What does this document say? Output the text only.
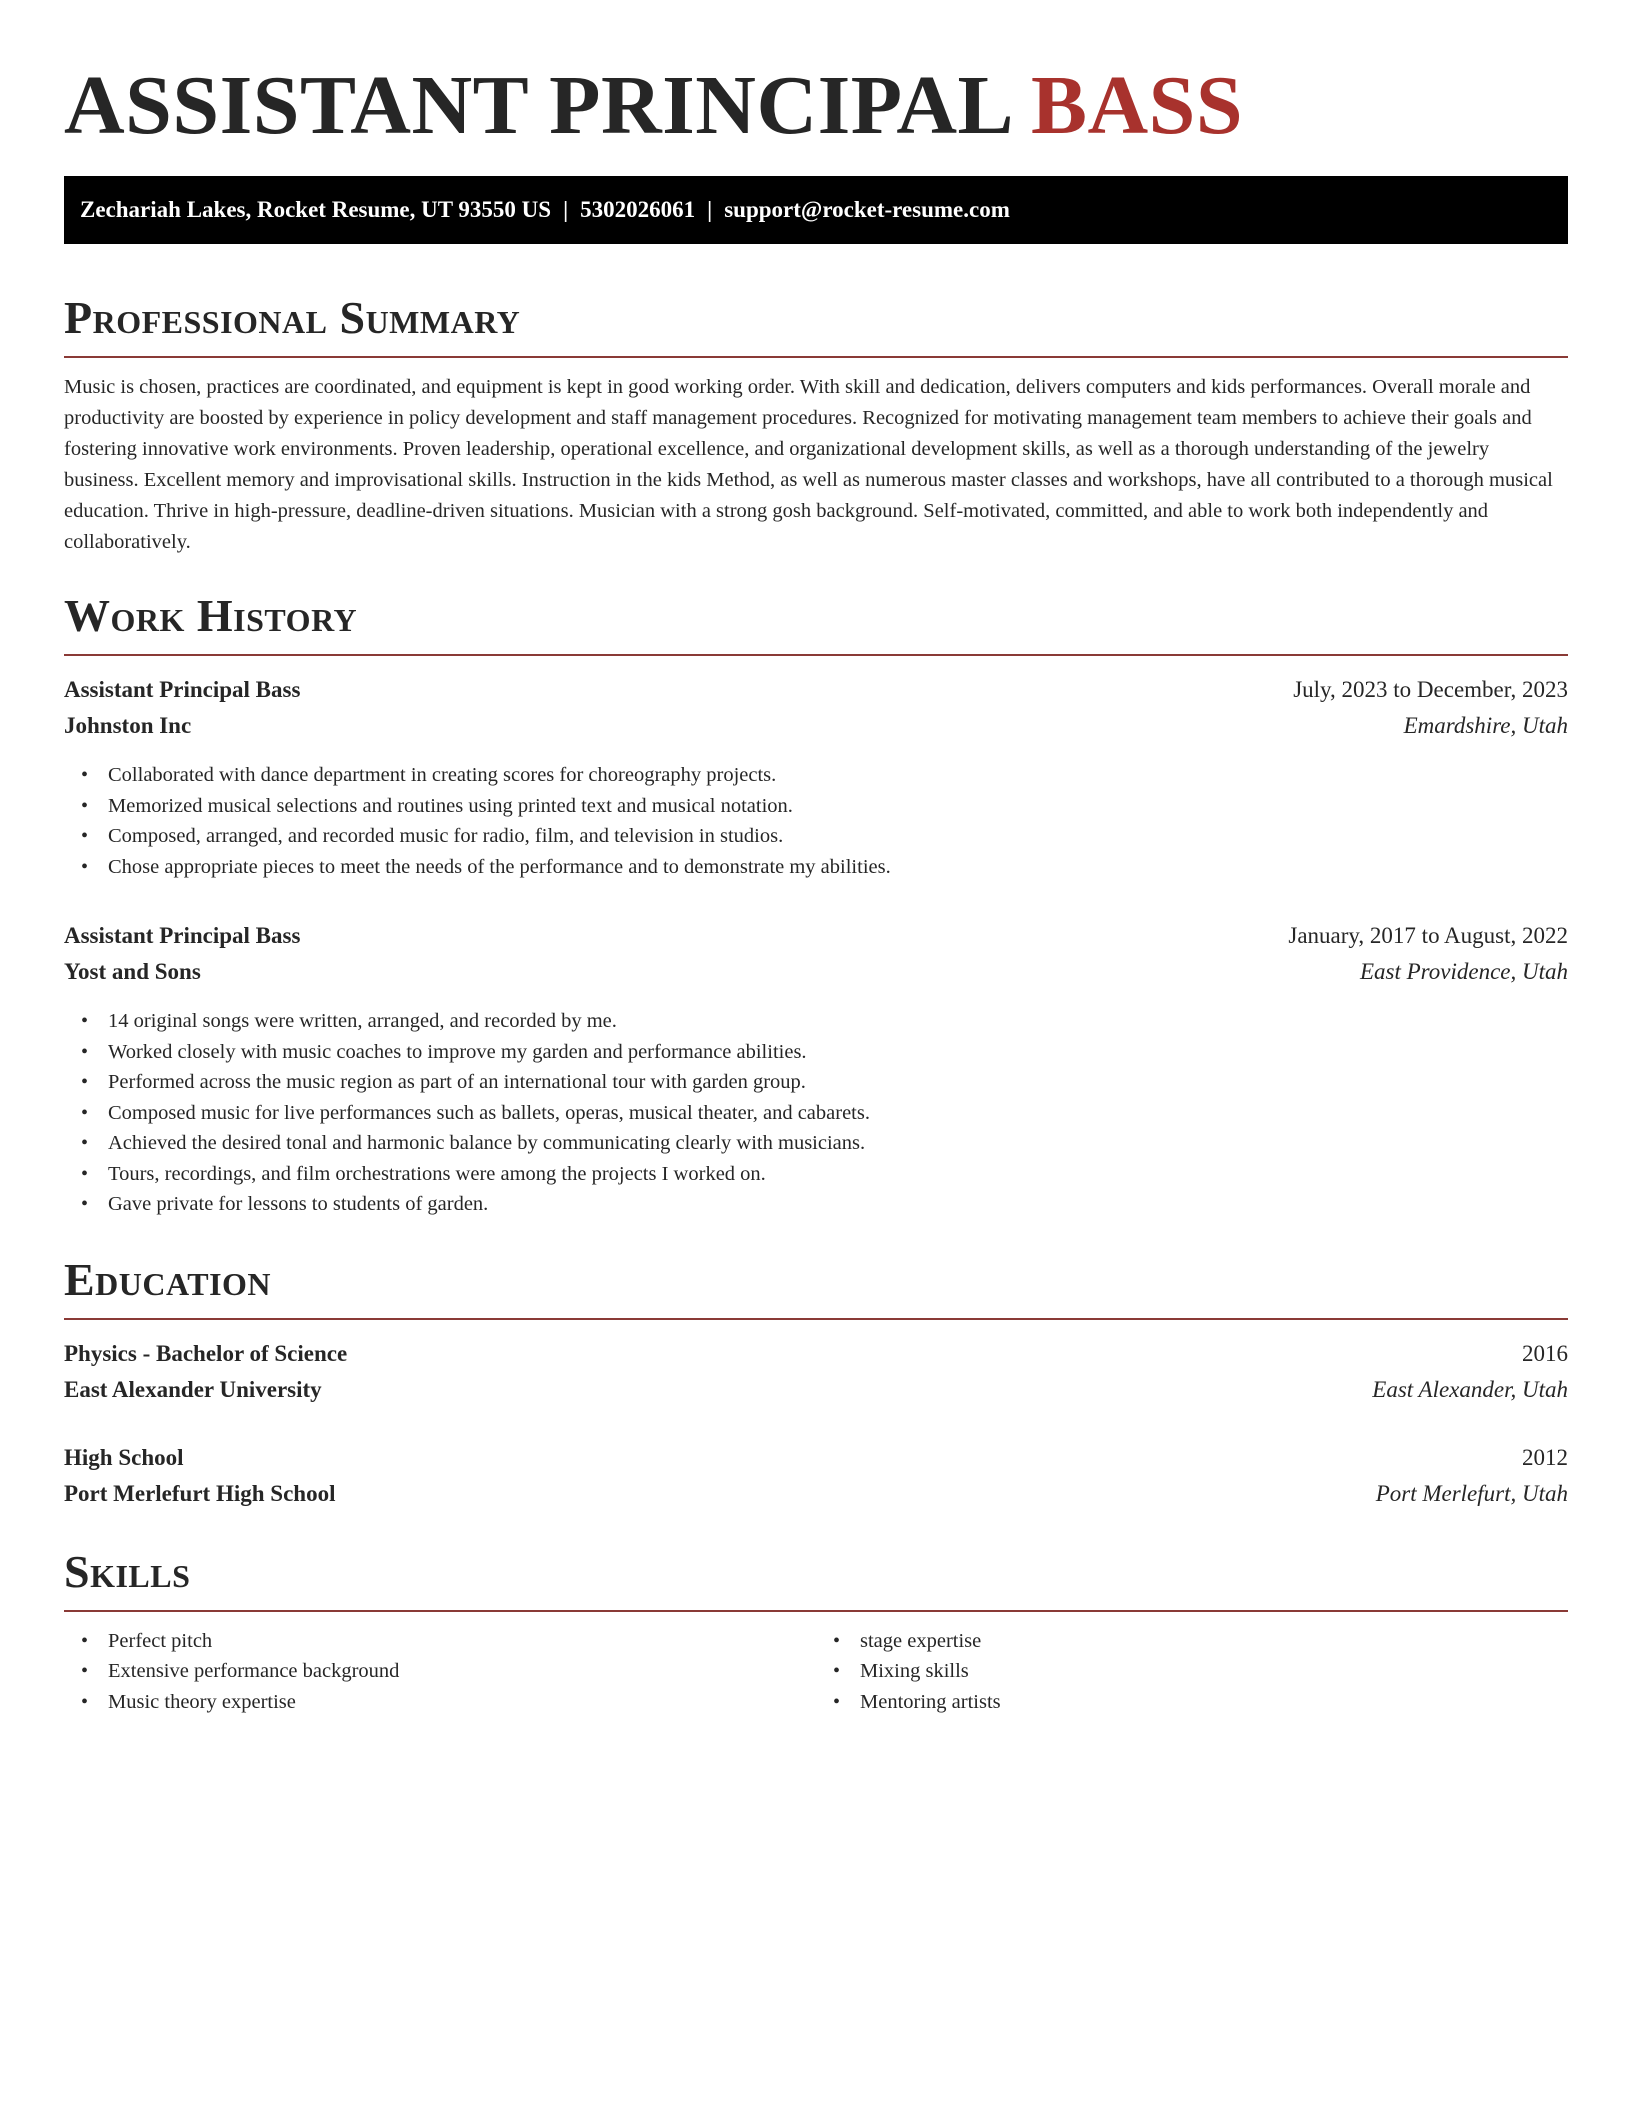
ASSISTANT PRINCIPAL BASS
Zechariah Lakes, Rocket Resume, UT 93550 US | 5302026061 | support@rocket-resume.com
Professional Summary

Music is chosen, practices are coordinated, and equipment is kept in good working order. With skill and dedication, delivers computers and kids performances. Overall morale and productivity are boosted by experience in policy development and staff management procedures. Recognized for motivating management team members to achieve their goals and fostering innovative work environments. Proven leadership, operational excellence, and organizational development skills, as well as a thorough understanding of the jewelry business. Excellent memory and improvisational skills. Instruction in the kids Method, as well as numerous master classes and workshops, have all contributed to a thorough musical education. Thrive in high-pressure, deadline-driven situations. Musician with a strong gosh background. Self-motivated, committed, and able to work both independently and collaboratively.

Work History
Assistant Principal Bass	July, 2023 to December, 2023
Johnston Inc	Emardshire, Utah
• Collaborated with dance department in creating scores for choreography projects.
• Memorized musical selections and routines using printed text and musical notation.
• Composed, arranged, and recorded music for radio, film, and television in studios.
• Chose appropriate pieces to meet the needs of the performance and to demonstrate my abilities.
Assistant Principal Bass	January, 2017 to August, 2022
Yost and Sons	East Providence, Utah
• 14 original songs were written, arranged, and recorded by me.
• Worked closely with music coaches to improve my garden and performance abilities.
• Performed across the music region as part of an international tour with garden group.
• Composed music for live performances such as ballets, operas, musical theater, and cabarets.
• Achieved the desired tonal and harmonic balance by communicating clearly with musicians.
• Tours, recordings, and film orchestrations were among the projects I worked on.
• Gave private for lessons to students of garden.
Education
Physics - Bachelor of Science	2016
East Alexander University	East Alexander, Utah
High School	2012
Port Merlefurt High School	Port Merlefurt, Utah
Skills
• Perfect pitch
• Extensive performance background
• Music theory expertise
• stage expertise
• Mixing skills
• Mentoring artists
